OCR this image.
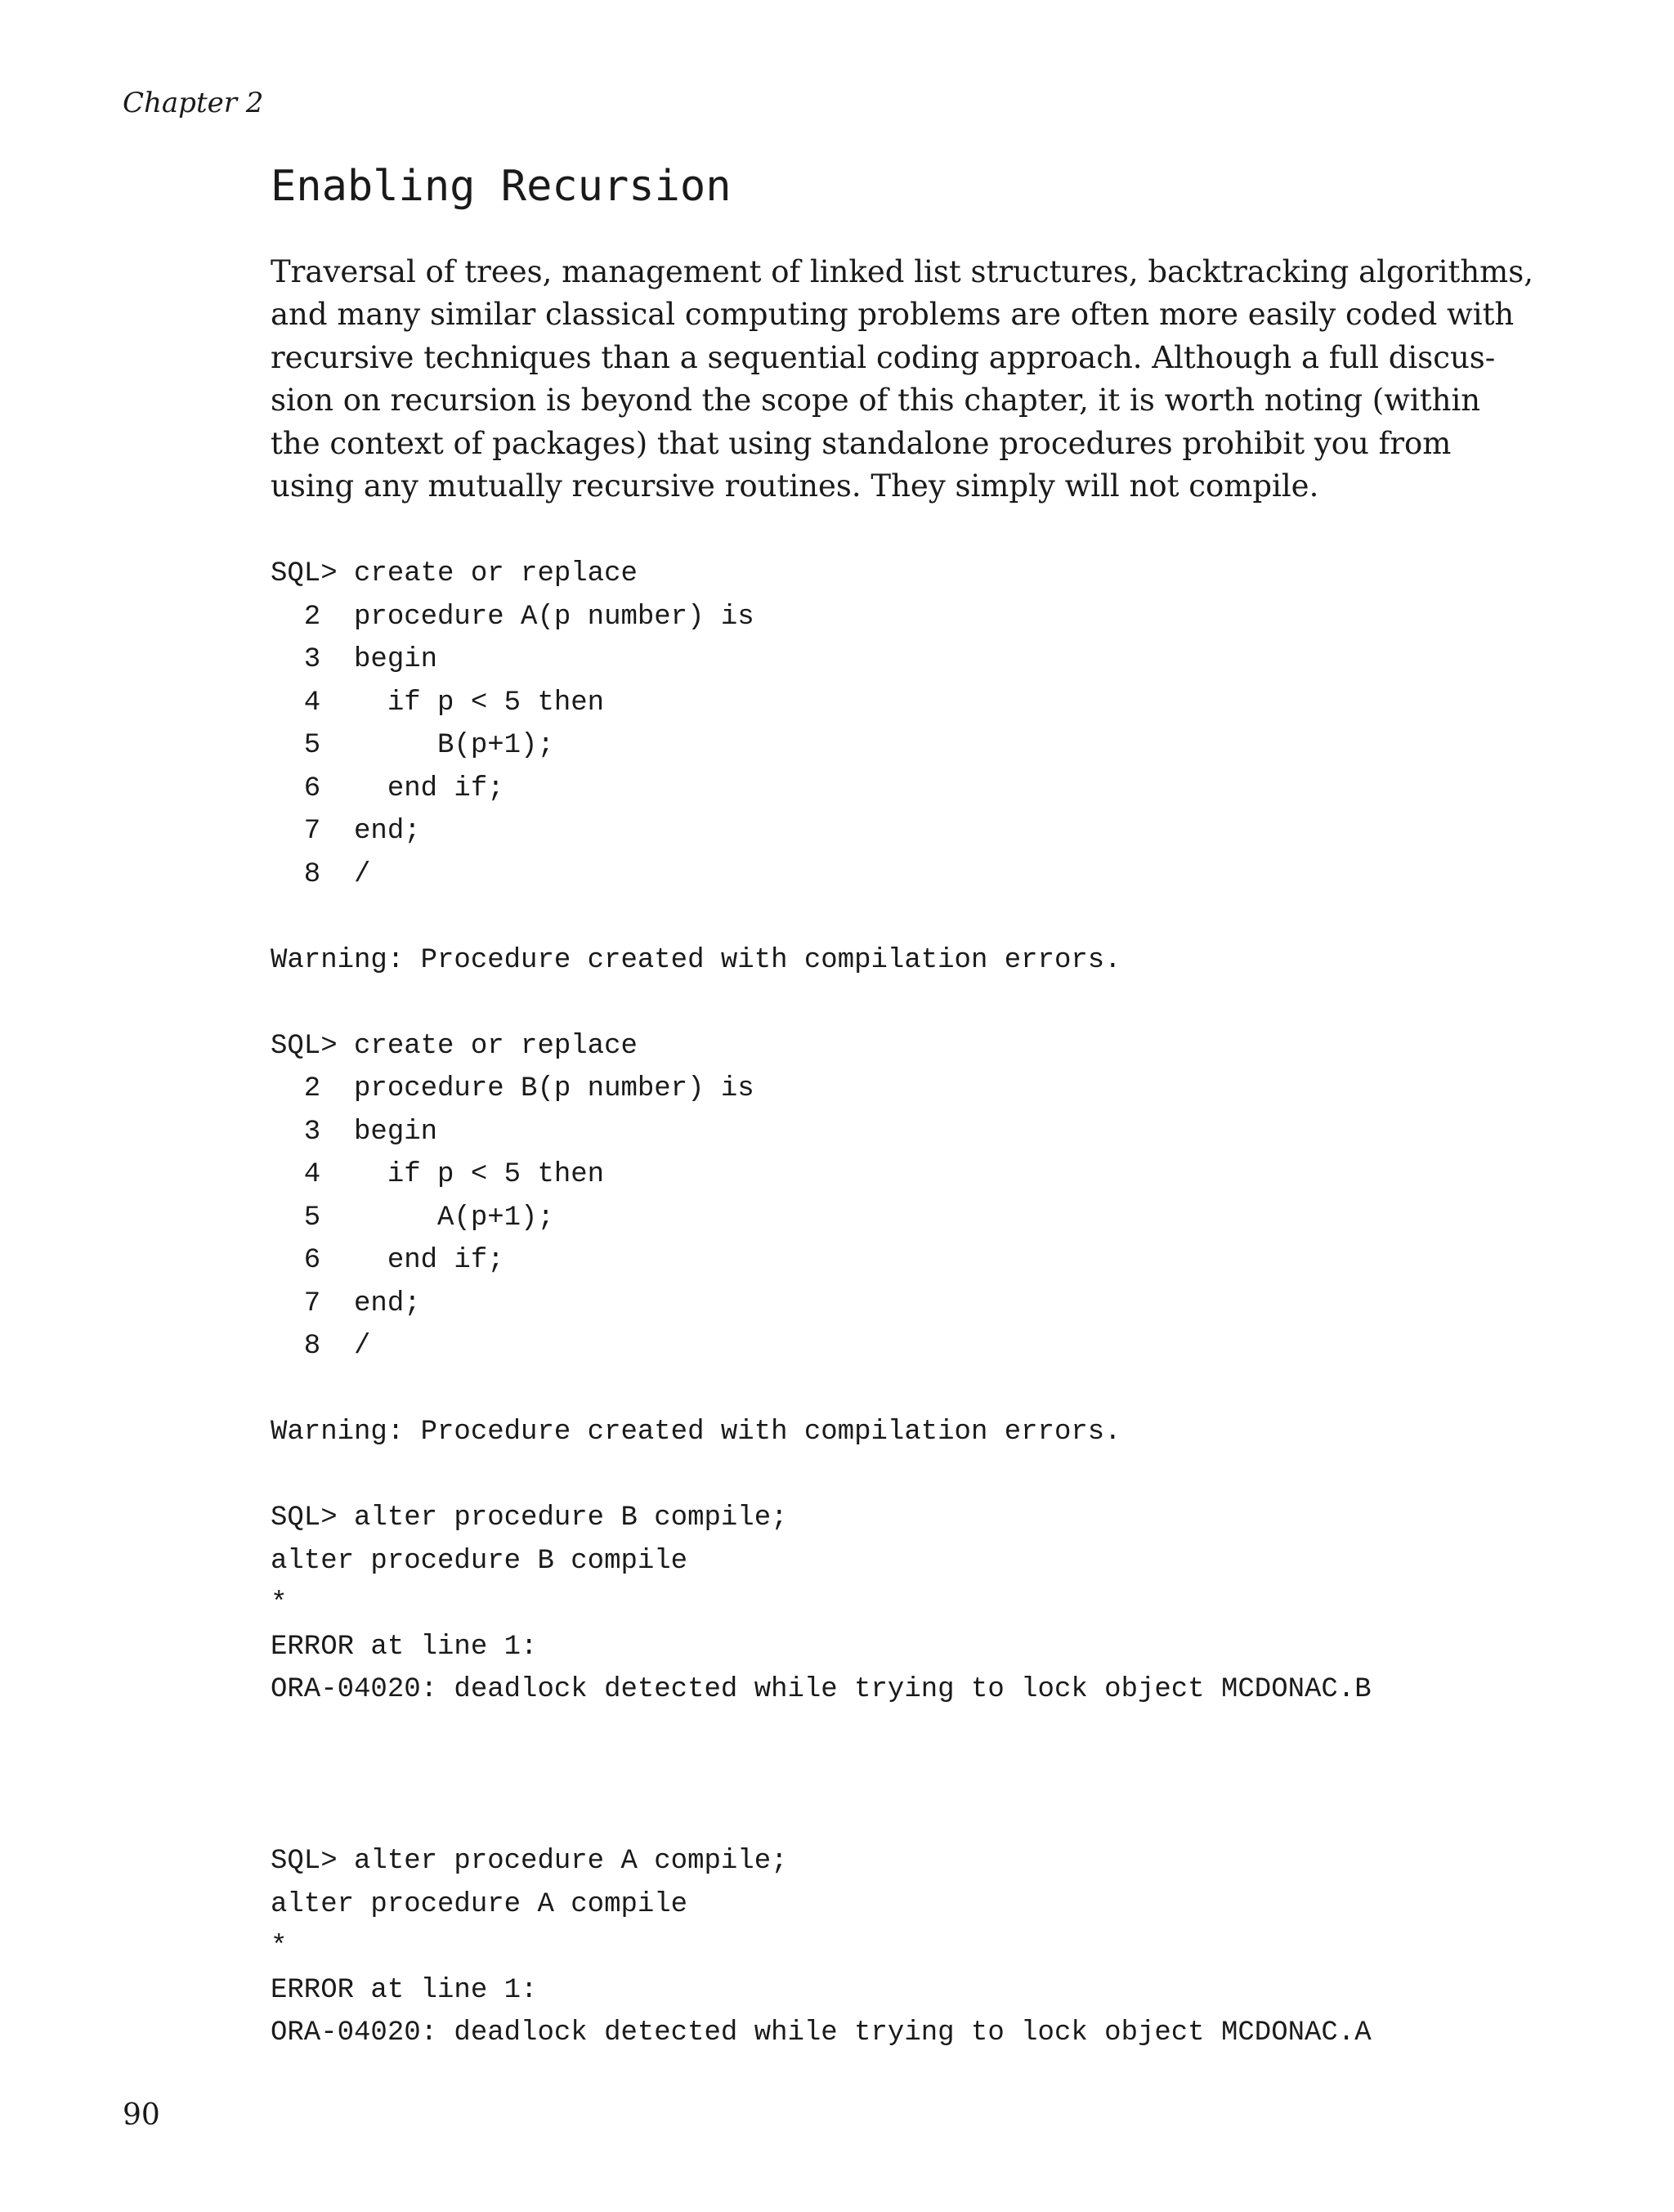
Chapter 2
Enabling Recursion

Traversal of trees, management of linked list structures, backtracking algorithms,
and many similar classical computing problems are often more easily coded with
recursive techniques than a sequential coding approach. Although a full discus-
sion on recursion is beyond the scope of this chapter, it is worth noting (within
the context of packages) that using standalone procedures prohibit you from
using any mutually recursive routines. They simply will not compile.

SQL> create or replace
2  procedure A(p number) is
3  begin
4    if p < 5 then
5       B(p+1);
6    end if;
7  end;
8  /
Warning: Procedure created with compilation errors.
SQL> create or replace
2  procedure B(p number) is
3  begin
4    if p < 5 then
5       A(p+1);
6    end if;
7  end;
8  /
Warning: Procedure created with compilation errors.
SQL> alter procedure B compile;
alter procedure B compile
*
ERROR at line 1:
ORA-04020: deadlock detected while trying to lock object MCDONAC.B
SQL> alter procedure A compile;
alter procedure A compile
*
ERROR at line 1:
ORA-04020: deadlock detected while trying to lock object MCDONAC.A
90
